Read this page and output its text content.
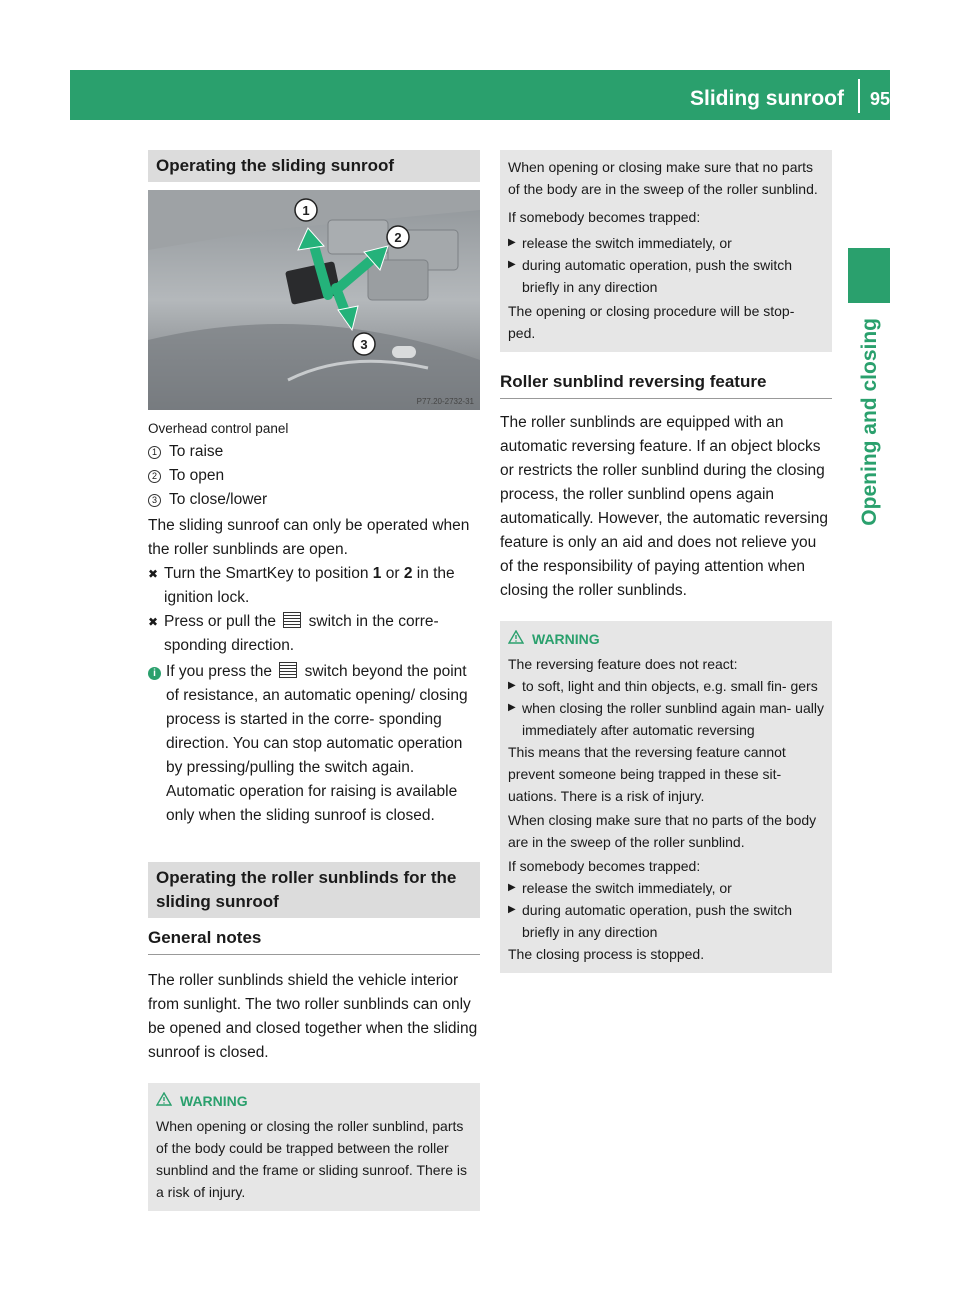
Sliding sunroof	95
Opening and closing
Operating the sliding sunroof
1
2
3
P77.20-2732-31
Overhead control panel
1 To raise
2 To open
3 To close/lower

The sliding sunroof can only be operated when the roller sunblinds are open.

✖ Turn the SmartKey to position 1 or 2 in the ignition lock.
✖ Press or pull the  switch in the corre- sponding direction.
i If you press the  switch beyond the point of resistance, an automatic opening/ closing process is started in the corre- sponding direction. You can stop automatic operation by pressing/pulling the switch again.

Automatic operation for raising is available only when the sliding sunroof is closed.

Operating the roller sunblinds for the sliding sunroof
General notes

The roller sunblinds shield the vehicle interior from sunlight. The two roller sunblinds can only be opened and closed together when the sliding sunroof is closed.

WARNING
When opening or closing the roller sunblind, parts of the body could be trapped between the roller sunblind and the frame or sliding sunroof. There is a risk of injury.
When opening or closing make sure that no parts of the body are in the sweep of the roller sunblind.
If somebody becomes trapped:
▶ release the switch immediately, or
▶ during automatic operation, push the switch briefly in any direction
The opening or closing procedure will be stop- ped.
Roller sunblind reversing feature

The roller sunblinds are equipped with an automatic reversing feature. If an object blocks or restricts the roller sunblind during the closing process, the roller sunblind opens again automatically. However, the automatic reversing feature is only an aid and does not relieve you of the responsibility of paying attention when closing the roller sunblinds.

WARNING
The reversing feature does not react:
▶ to soft, light and thin objects, e.g. small fin- gers
▶ when closing the roller sunblind again man- ually immediately after automatic reversing
This means that the reversing feature cannot prevent someone being trapped in these sit- uations. There is a risk of injury.
When closing make sure that no parts of the body are in the sweep of the roller sunblind.
If somebody becomes trapped:
▶ release the switch immediately, or
▶ during automatic operation, push the switch briefly in any direction
The closing process is stopped.
